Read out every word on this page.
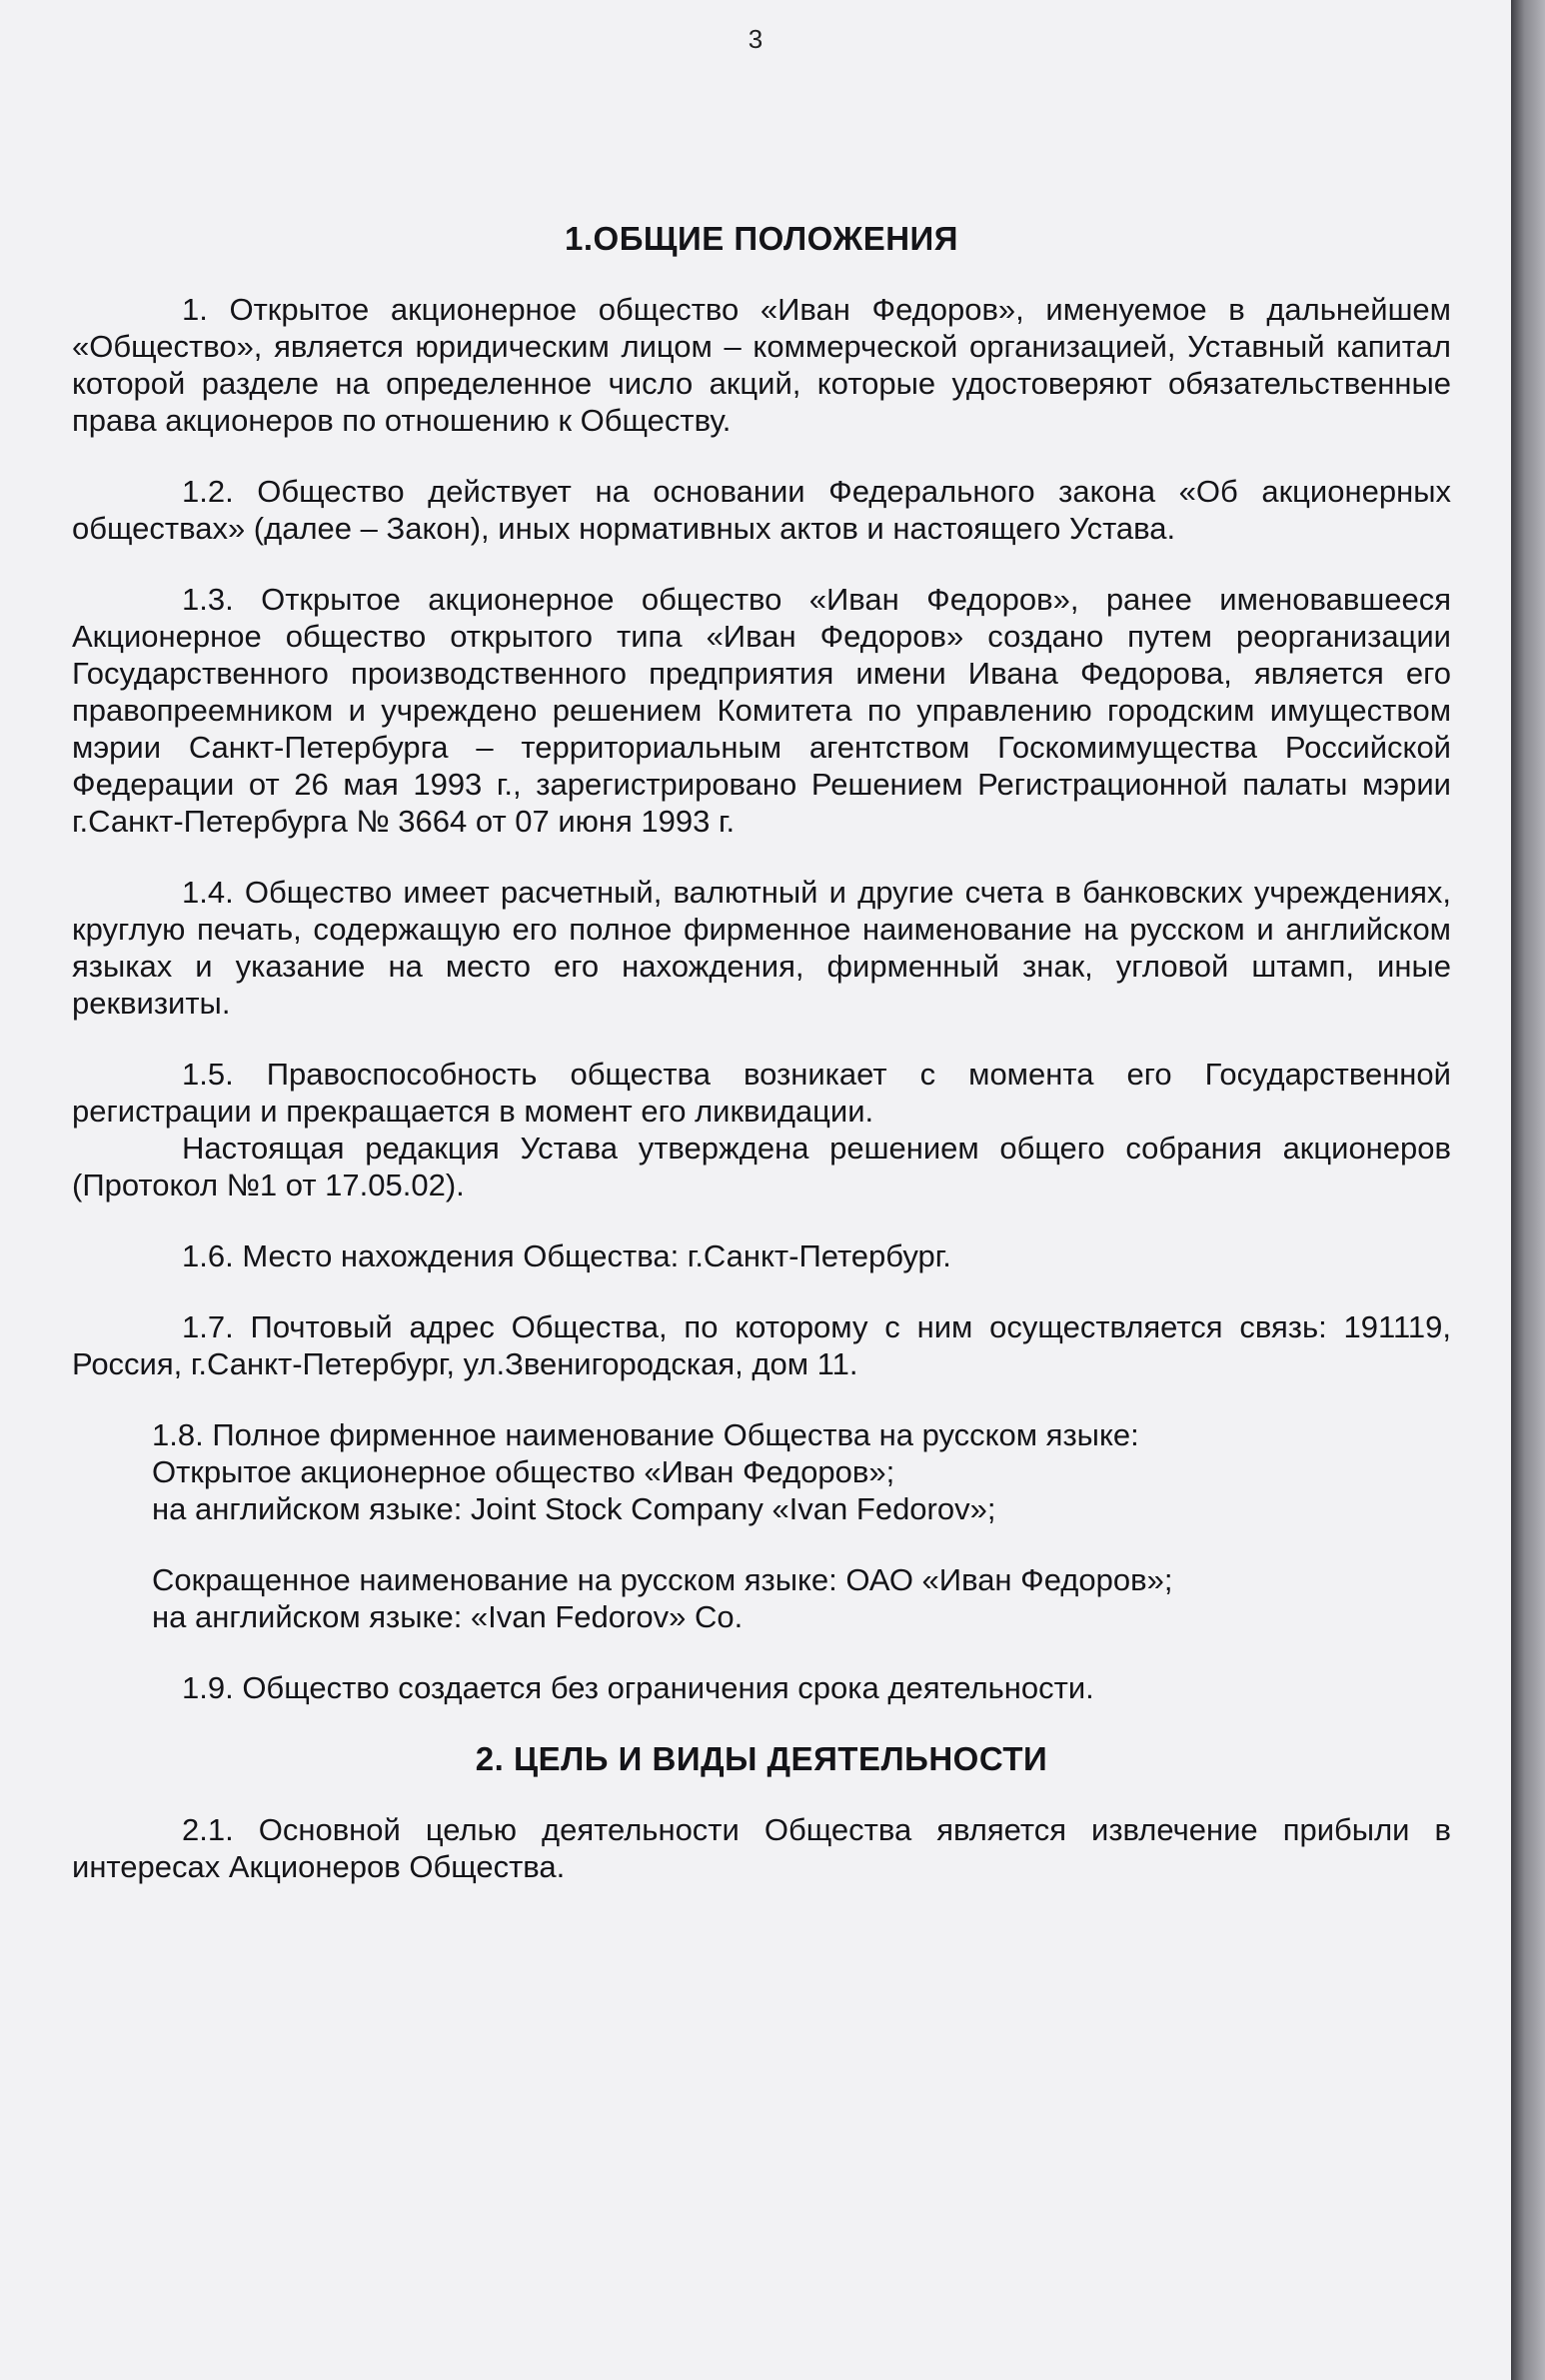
3
1.ОБЩИЕ ПОЛОЖЕНИЯ

1. Открытое акционерное общество «Иван Федоров», именуемое в дальнейшем «Общество», является юридическим лицом – коммерческой организацией, Уставный капитал которой разделе на определенное число акций, которые удостоверяют обязательственные права акционеров по отношению к Обществу.

1.2. Общество действует на основании Федерального закона «Об акционерных обществах» (далее – Закон), иных нормативных актов и настоящего Устава.

1.3. Открытое акционерное общество «Иван Федоров», ранее именовавшееся Акционерное общество открытого типа «Иван Федоров» создано путем реорганизации Государственного производственного предприятия имени Ивана Федорова, является его правопреемником и учреждено решением Комитета по управлению городским имуществом мэрии Санкт-Петербурга – территориальным агентством Госкомимущества Российской Федерации от 26 мая 1993 г., зарегистрировано Решением Регистрационной палаты мэрии г.Санкт-Петербурга № 3664 от 07 июня 1993 г.

1.4. Общество имеет расчетный, валютный и другие счета в банковских учреждениях, круглую печать, содержащую его полное фирменное наименование на русском и английском языках и указание на место его нахождения, фирменный знак, угловой штамп, иные реквизиты.

1.5. Правоспособность общества возникает с момента его Государственной регистрации и прекращается в момент его ликвидации.

Настоящая редакция Устава утверждена решением общего собрания акционеров (Протокол №1 от 17.05.02).

1.6. Место нахождения Общества: г.Санкт-Петербург.

1.7. Почтовый адрес Общества, по которому с ним осуществляется связь: 191119, Россия, г.Санкт-Петербург, ул.Звенигородская, дом 11.

1.8. Полное фирменное наименование Общества на русском языке:
Открытое акционерное общество «Иван Федоров»;
на английском языке: Joint Stock Company «Ivan Fedorov»;
Сокращенное наименование на русском языке: ОАО «Иван Федоров»;
на английском языке: «Ivan Fedorov» Co.

1.9. Общество создается без ограничения срока деятельности.

2. ЦЕЛЬ И ВИДЫ ДЕЯТЕЛЬНОСТИ

2.1. Основной целью деятельности Общества является извлечение прибыли в интересах Акционеров Общества.
